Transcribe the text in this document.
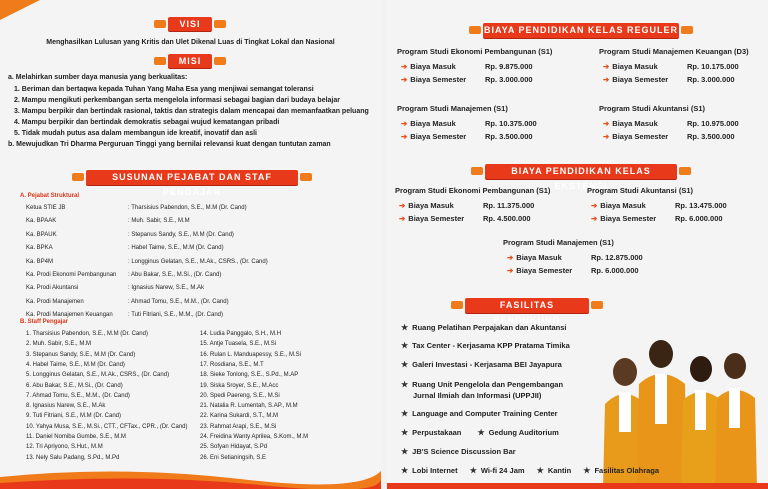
VISI
Menghasilkan Lulusan yang Kritis dan Ulet Dikenal Luas di Tingkat Lokal dan Nasional
MISI
a. Melahirkan sumber daya manusia yang berkualitas:
1. Beriman dan bertaqwa kepada Tuhan Yang Maha Esa yang menjiwai semangat toleransi
2. Mampu mengikuti perkembangan serta mengelola informasi sebagai bagian dari budaya belajar
3. Mampu berpikir dan bertindak rasional, taktis dan strategis dalam mencapai dan memanfaatkan peluang
4. Mampu berpikir dan bertindak demokratis sebagai wujud kematangan pribadi
5. Tidak mudah putus asa dalam membangun ide kreatif, inovatif dan asli
b. Mewujudkan Tri Dharma Perguruan Tinggi yang bernilai relevansi kuat dengan tuntutan zaman
SUSUNAN PEJABAT DAN STAF PENGAJAR
A. Pejabat Struktural
Ketua STIE JB	: Tharsisius Pabendon, S.E., M.M (Dr. Cand)
Ka. BPAAK	: Muh. Sabir, S.E., M.M
Ka. BPAUK	: Stepanus Sandy, S.E., M.M (Dr. Cand)
Ka. BPKA	: Habel Taime, S.E., M.M (Dr. Cand)
Ka. BP4M	: Longginus Gelatan, S.E., M.Ak., CSRS., (Dr. Cand)
Ka. Prodi Ekonomi Pembangunan : Abu Bakar, S.E., M.Si., (Dr. Cand)
Ka. Prodi Akuntansi	: Ignasius Narew, S.E., M.Ak
Ka. Prodi Manajemen	: Ahmad Tomu, S.E., M.M., (Dr. Cand)
Ka. Prodi Manajemen Keuangan	: Tuti Fitriani, S.E., M.M., (Dr. Cand)
B. Staff Pengajar
1. Tharsisius Pabendon, S.E., M.M (Dr. Cand)
2. Muh. Sabir, S.E., M.M
3. Stepanus Sandy, S.E., M.M (Dr. Cand)
4. Habel Taime, S.E., M.M (Dr. Cand)
5. Longginus Gelatan, S.E., M.Ak., CSRS., (Dr. Cand)
6. Abu Bakar, S.E., M.Si., (Dr. Cand)
7. Ahmad Tomu, S.E., M.M., (Dr. Cand)
8. Ignasius Narew, S.E., M.Ak
9. Tuti Fitriani, S.E., M.M (Dr. Cand)
10. Yahya Musa, S.E., M.Si., CTT., CFTax., CPR., (Dr. Cand)
11. Daniel Nomiba Gumbe, S.E., M.M
12. Tri Apriyono, S.Hut., M.M
13. Nely Salu Padang, S.Pd., M.Pd
14. Ludia Panggalo, S.H., M.H
15. Antje Tuasela, S.E., M.Si
16. Rulan L. Manduapessy, S.E., M.Si
17. Rosdiana, S.E., M.T
18. Sieke Tonlong, S.E., S.Pd., M.AP
19. Siska Sroyer, S.E., M.Acc
20. Spedi Paereng, S.E., M.Si
21. Natalia R. Lumentah, S.AP., M.M
22. Karina Sukardi, S.T., M.M
23. Rahmat Arapi, S.E., M.Si
24. Freidina Wanty Aprilea, S.Kom., M.M
25. Sofyan Hidayat, S.Pd
26. Eni Setianingsih, S.E
BIAYA PENDIDIKAN KELAS REGULER
Program Studi Ekonomi Pembangunan (S1)
➔ Biaya Masuk	Rp. 9.875.000
➔ Biaya Semester	Rp. 3.000.000
Program Studi Manajemen Keuangan (D3)
➔ Biaya Masuk	Rp. 10.175.000
➔ Biaya Semester	Rp. 3.000.000
Program Studi Manajemen (S1)
➔ Biaya Masuk	Rp. 10.375.000
➔ Biaya Semester	Rp. 3.500.000
Program Studi Akuntansi (S1)
➔ Biaya Masuk	Rp. 10.975.000
➔ Biaya Semester	Rp. 3.500.000
BIAYA PENDIDIKAN KELAS EKSTENSI
Program Studi Ekonomi Pembangunan (S1)
➔ Biaya Masuk	Rp. 11.375.000
➔ Biaya Semester	Rp. 4.500.000
Program Studi Akuntansi (S1)
➔ Biaya Masuk	Rp. 13.475.000
➔ Biaya Semester	Rp. 6.000.000
Program Studi Manajemen (S1)
➔ Biaya Masuk	Rp. 12.875.000
➔ Biaya Semester	Rp. 6.000.000
FASILITAS PENDUKUNG
★ Ruang Pelatihan Perpajakan dan Akuntansi
★ Tax Center - Kerjasama KPP Pratama Timika
★ Galeri Investasi - Kerjasama BEI Jayapura
★ Ruang Unit Pengelola dan Pengembangan
Jurnal Ilmiah dan Informasi (UPPJII)
★ Language and Computer Training Center
★ Perpustakaan ★ Gedung Auditorium
★ JB'S Science Discussion Bar
★ Lobi Internet ★ Wi-fi 24 Jam ★ Kantin ★ Fasilitas Olahraga
